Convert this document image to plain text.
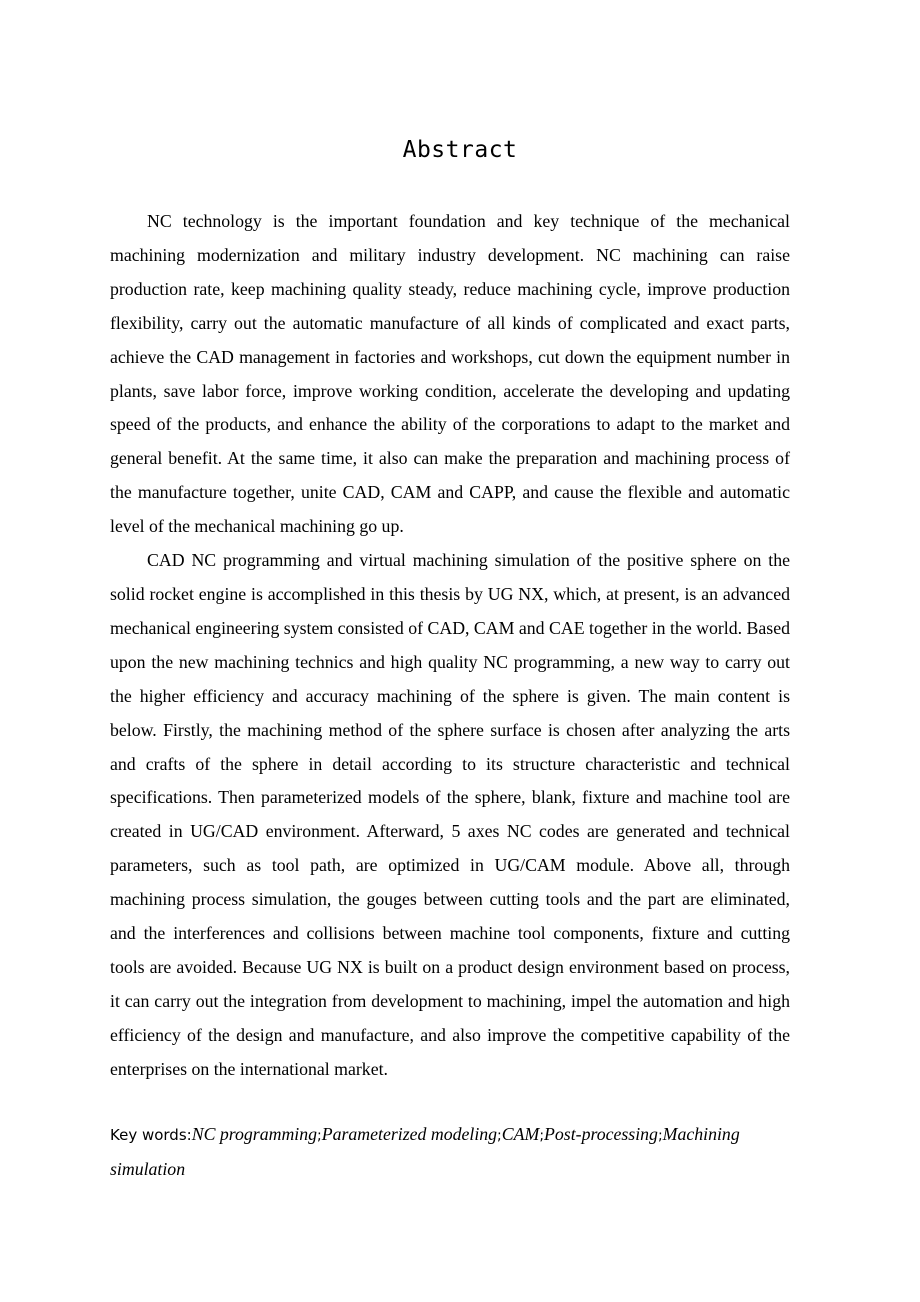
Abstract

NC technology is the important foundation and key technique of the mechanical machining modernization and military industry development. NC machining can raise production rate, keep machining quality steady, reduce machining cycle, improve production flexibility, carry out the automatic manufacture of all kinds of complicated and exact parts, achieve the CAD management in factories and workshops, cut down the equipment number in plants, save labor force, improve working condition, accelerate the developing and updating speed of the products, and enhance the ability of the corporations to adapt to the market and general benefit. At the same time, it also can make the preparation and machining process of the manufacture together, unite CAD, CAM and CAPP, and cause the flexible and automatic level of the mechanical machining go up.

CAD NC programming and virtual machining simulation of the positive sphere on the solid rocket engine is accomplished in this thesis by UG NX, which, at present, is an advanced mechanical engineering system consisted of CAD, CAM and CAE together in the world. Based upon the new machining technics and high quality NC programming, a new way to carry out the higher efficiency and accuracy machining of the sphere is given. The main content is below. Firstly, the machining method of the sphere surface is chosen after analyzing the arts and crafts of the sphere in detail according to its structure characteristic and technical specifications. Then parameterized models of the sphere, blank, fixture and machine tool are created in UG/CAD environment. Afterward, 5 axes NC codes are generated and technical parameters, such as tool path, are optimized in UG/CAM module. Above all, through machining process simulation, the gouges between cutting tools and the part are eliminated, and the interferences and collisions between machine tool components, fixture and cutting tools are avoided. Because UG NX is built on a product design environment based on process, it can carry out the integration from development to machining, impel the automation and high efficiency of the design and manufacture, and also improve the competitive capability of the enterprises on the international market.

Key words:NC programming;Parameterized modeling;CAM;Post-processing;Machining simulation
